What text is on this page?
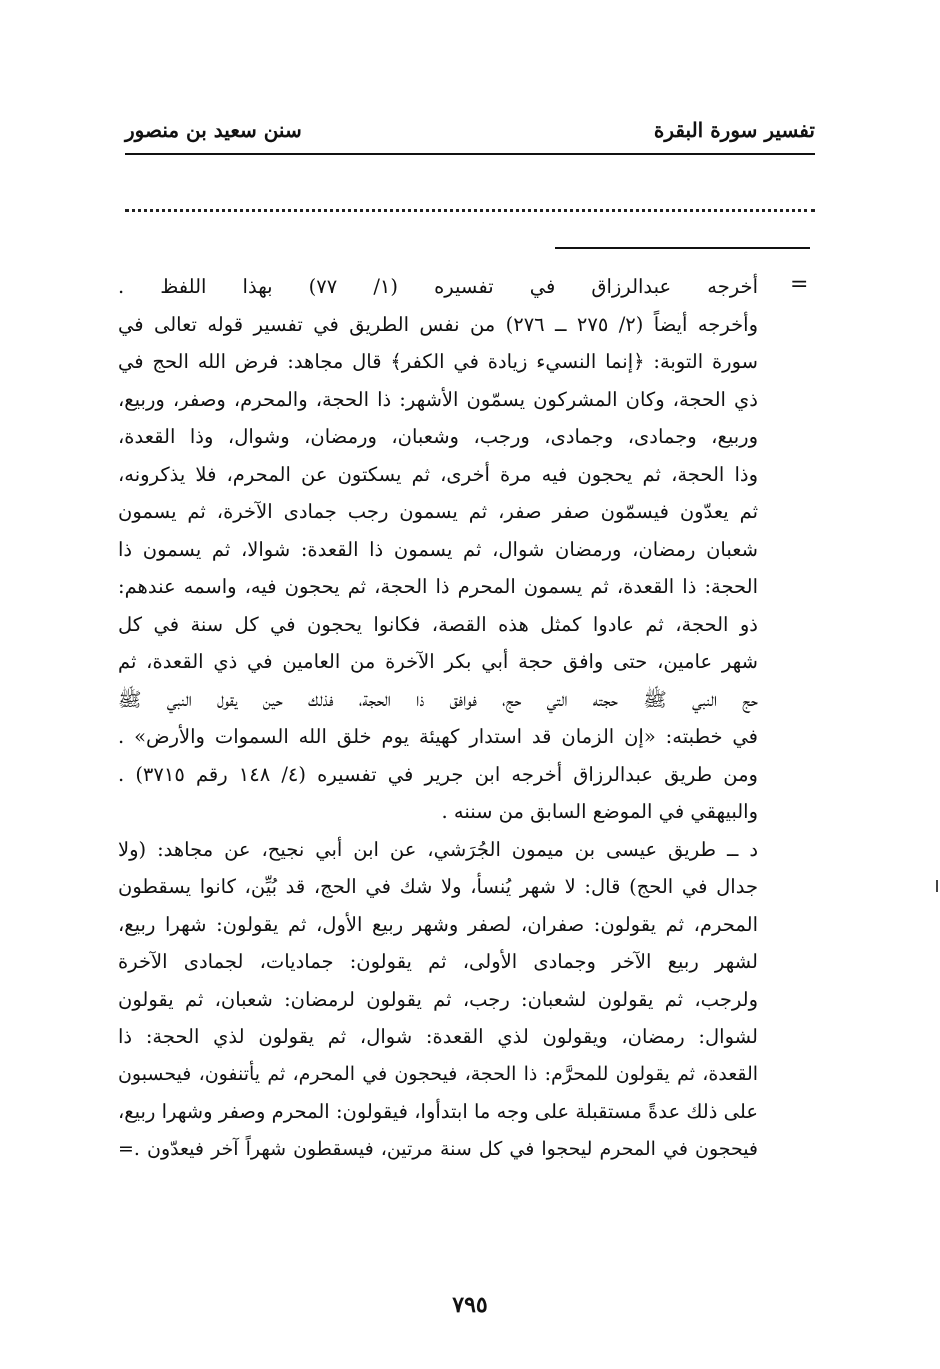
تفسير سورة البقرة
سنن سعيد بن منصور
=
أخرجه عبدالرزاق في تفسيره (١/ ٧٧) بهذا اللفظ .
وأخرجه أيضاً (٢/ ٢٧٥ ــ ٢٧٦) من نفس الطريق في تفسير قوله تعالى في
سورة التوبة: ﴿إنما النسيء زيادة في الكفر﴾ قال مجاهد: فرض الله الحج في
ذي الحجة، وكان المشركون يسمّون الأشهر: ذا الحجة، والمحرم، وصفر، وربيع،
وربيع، وجمادى، وجمادى، ورجب، وشعبان، ورمضان، وشوال، وذا القعدة،
وذا الحجة، ثم يحجون فيه مرة أخرى، ثم يسكتون عن المحرم، فلا يذكرونه،
ثم يعدّون فيسمّون صفر صفر، ثم يسمون رجب جمادى الآخرة، ثم يسمون
شعبان رمضان، ورمضان شوال، ثم يسمون ذا القعدة: شوالا، ثم يسمون ذا
الحجة: ذا القعدة، ثم يسمون المحرم ذا الحجة، ثم يحجون فيه، واسمه عندهم:
ذو الحجة، ثم عادوا كمثل هذه القصة، فكانوا يحجون في كل سنة في كل
شهر عامين، حتى وافق حجة أبي بكر الآخرة من العامين في ذي القعدة، ثم
حج النبي ﷺ حجته التي حج، فوافق ذا الحجة، فذلك حين يقول النبي ﷺ
في خطبته: «إن الزمان قد استدار كهيئة يوم خلق الله السموات والأرض» .
ومن طريق عبدالرزاق أخرجه ابن جرير في تفسيره (٤/ ١٤٨ رقم ٣٧١٥) .
والبيهقي في الموضع السابق من سننه .
د ــ طريق عيسى بن ميمون الجُرَشي، عن ابن أبي نجيح، عن مجاهد: (ولا
جدال في الحج) قال: لا شهر يُنسأ، ولا شك في الحج، قد بُيِّن، كانوا يسقطون
المحرم، ثم يقولون: صفران، لصفر وشهر ربيع الأول، ثم يقولون: شهرا ربيع،
لشهر ربيع الآخر وجمادى الأولى، ثم يقولون: جماديات، لجمادى الآخرة
ولرجب، ثم يقولون لشعبان: رجب، ثم يقولون لرمضان: شعبان، ثم يقولون
لشوال: رمضان، ويقولون لذي القعدة: شوال، ثم يقولون لذي الحجة: ذا
القعدة، ثم يقولون للمحرَّم: ذا الحجة، فيحجون في المحرم، ثم يأتنفون، فيحسبون
على ذلك عدةً مستقبلة على وجه ما ابتدأوا، فيقولون: المحرم وصفر وشهرا ربيع،
فيحجون في المحرم ليحجوا في كل سنة مرتين، فيسقطون شهراً آخر فيعدّون .=
٧٩٥
